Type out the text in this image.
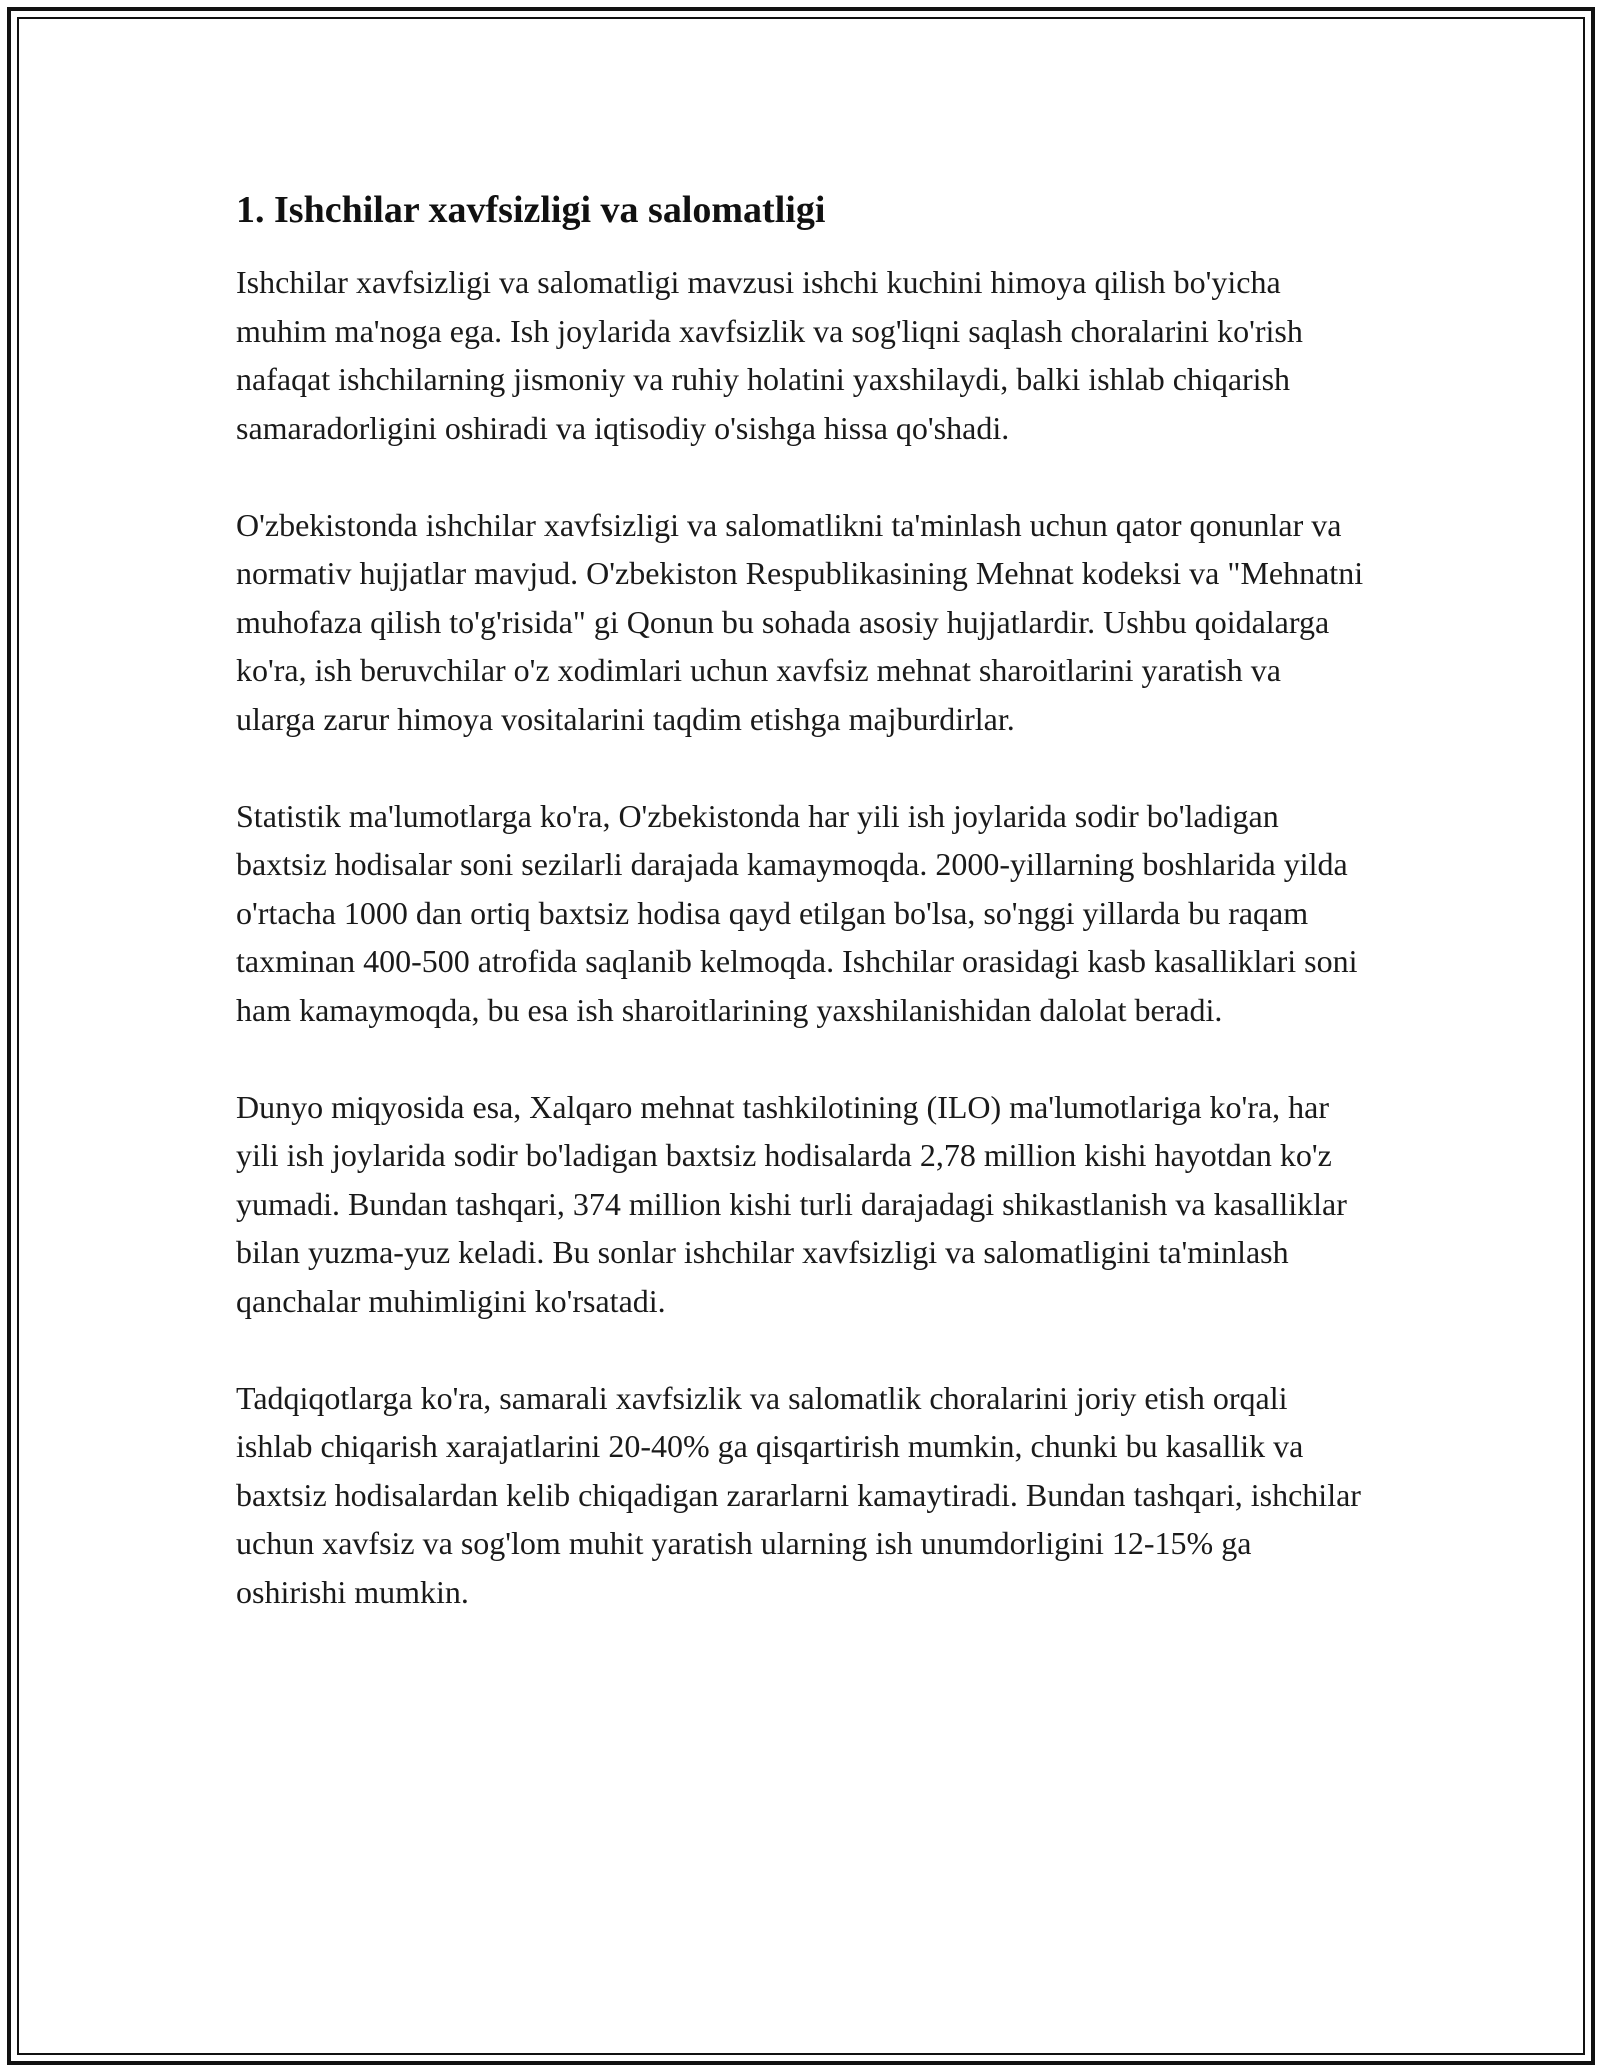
1. Ishchilar xavfsizligi va salomatligi

Ishchilar xavfsizligi va salomatligi mavzusi ishchi kuchini himoya qilish bo'yicha muhim ma'noga ega. Ish joylarida xavfsizlik va sog'liqni saqlash choralarini ko'rish nafaqat ishchilarning jismoniy va ruhiy holatini yaxshilaydi, balki ishlab chiqarish samaradorligini oshiradi va iqtisodiy o'sishga hissa qo'shadi.

O'zbekistonda ishchilar xavfsizligi va salomatlikni ta'minlash uchun qator qonunlar va normativ hujjatlar mavjud. O'zbekiston Respublikasining Mehnat kodeksi va "Mehnatni muhofaza qilish to'g'risida" gi Qonun bu sohada asosiy hujjatlardir. Ushbu qoidalarga ko'ra, ish beruvchilar o'z xodimlari uchun xavfsiz mehnat sharoitlarini yaratish va ularga zarur himoya vositalarini taqdim etishga majburdirlar.

Statistik ma'lumotlarga ko'ra, O'zbekistonda har yili ish joylarida sodir bo'ladigan baxtsiz hodisalar soni sezilarli darajada kamaymoqda. 2000-yillarning boshlarida yilda o'rtacha 1000 dan ortiq baxtsiz hodisa qayd etilgan bo'lsa, so'nggi yillarda bu raqam taxminan 400-500 atrofida saqlanib kelmoqda. Ishchilar orasidagi kasb kasalliklari soni ham kamaymoqda, bu esa ish sharoitlarining yaxshilanishidan dalolat beradi.

Dunyo miqyosida esa, Xalqaro mehnat tashkilotining (ILO) ma'lumotlariga ko'ra, har yili ish joylarida sodir bo'ladigan baxtsiz hodisalarda 2,78 million kishi hayotdan ko'z yumadi. Bundan tashqari, 374 million kishi turli darajadagi shikastlanish va kasalliklar bilan yuzma-yuz keladi. Bu sonlar ishchilar xavfsizligi va salomatligini ta'minlash qanchalar muhimligini ko'rsatadi.

Tadqiqotlarga ko'ra, samarali xavfsizlik va salomatlik choralarini joriy etish orqali ishlab chiqarish xarajatlarini 20-40% ga qisqartirish mumkin, chunki bu kasallik va baxtsiz hodisalardan kelib chiqadigan zararlarni kamaytiradi. Bundan tashqari, ishchilar uchun xavfsiz va sog'lom muhit yaratish ularning ish unumdorligini 12-15% ga oshirishi mumkin.
